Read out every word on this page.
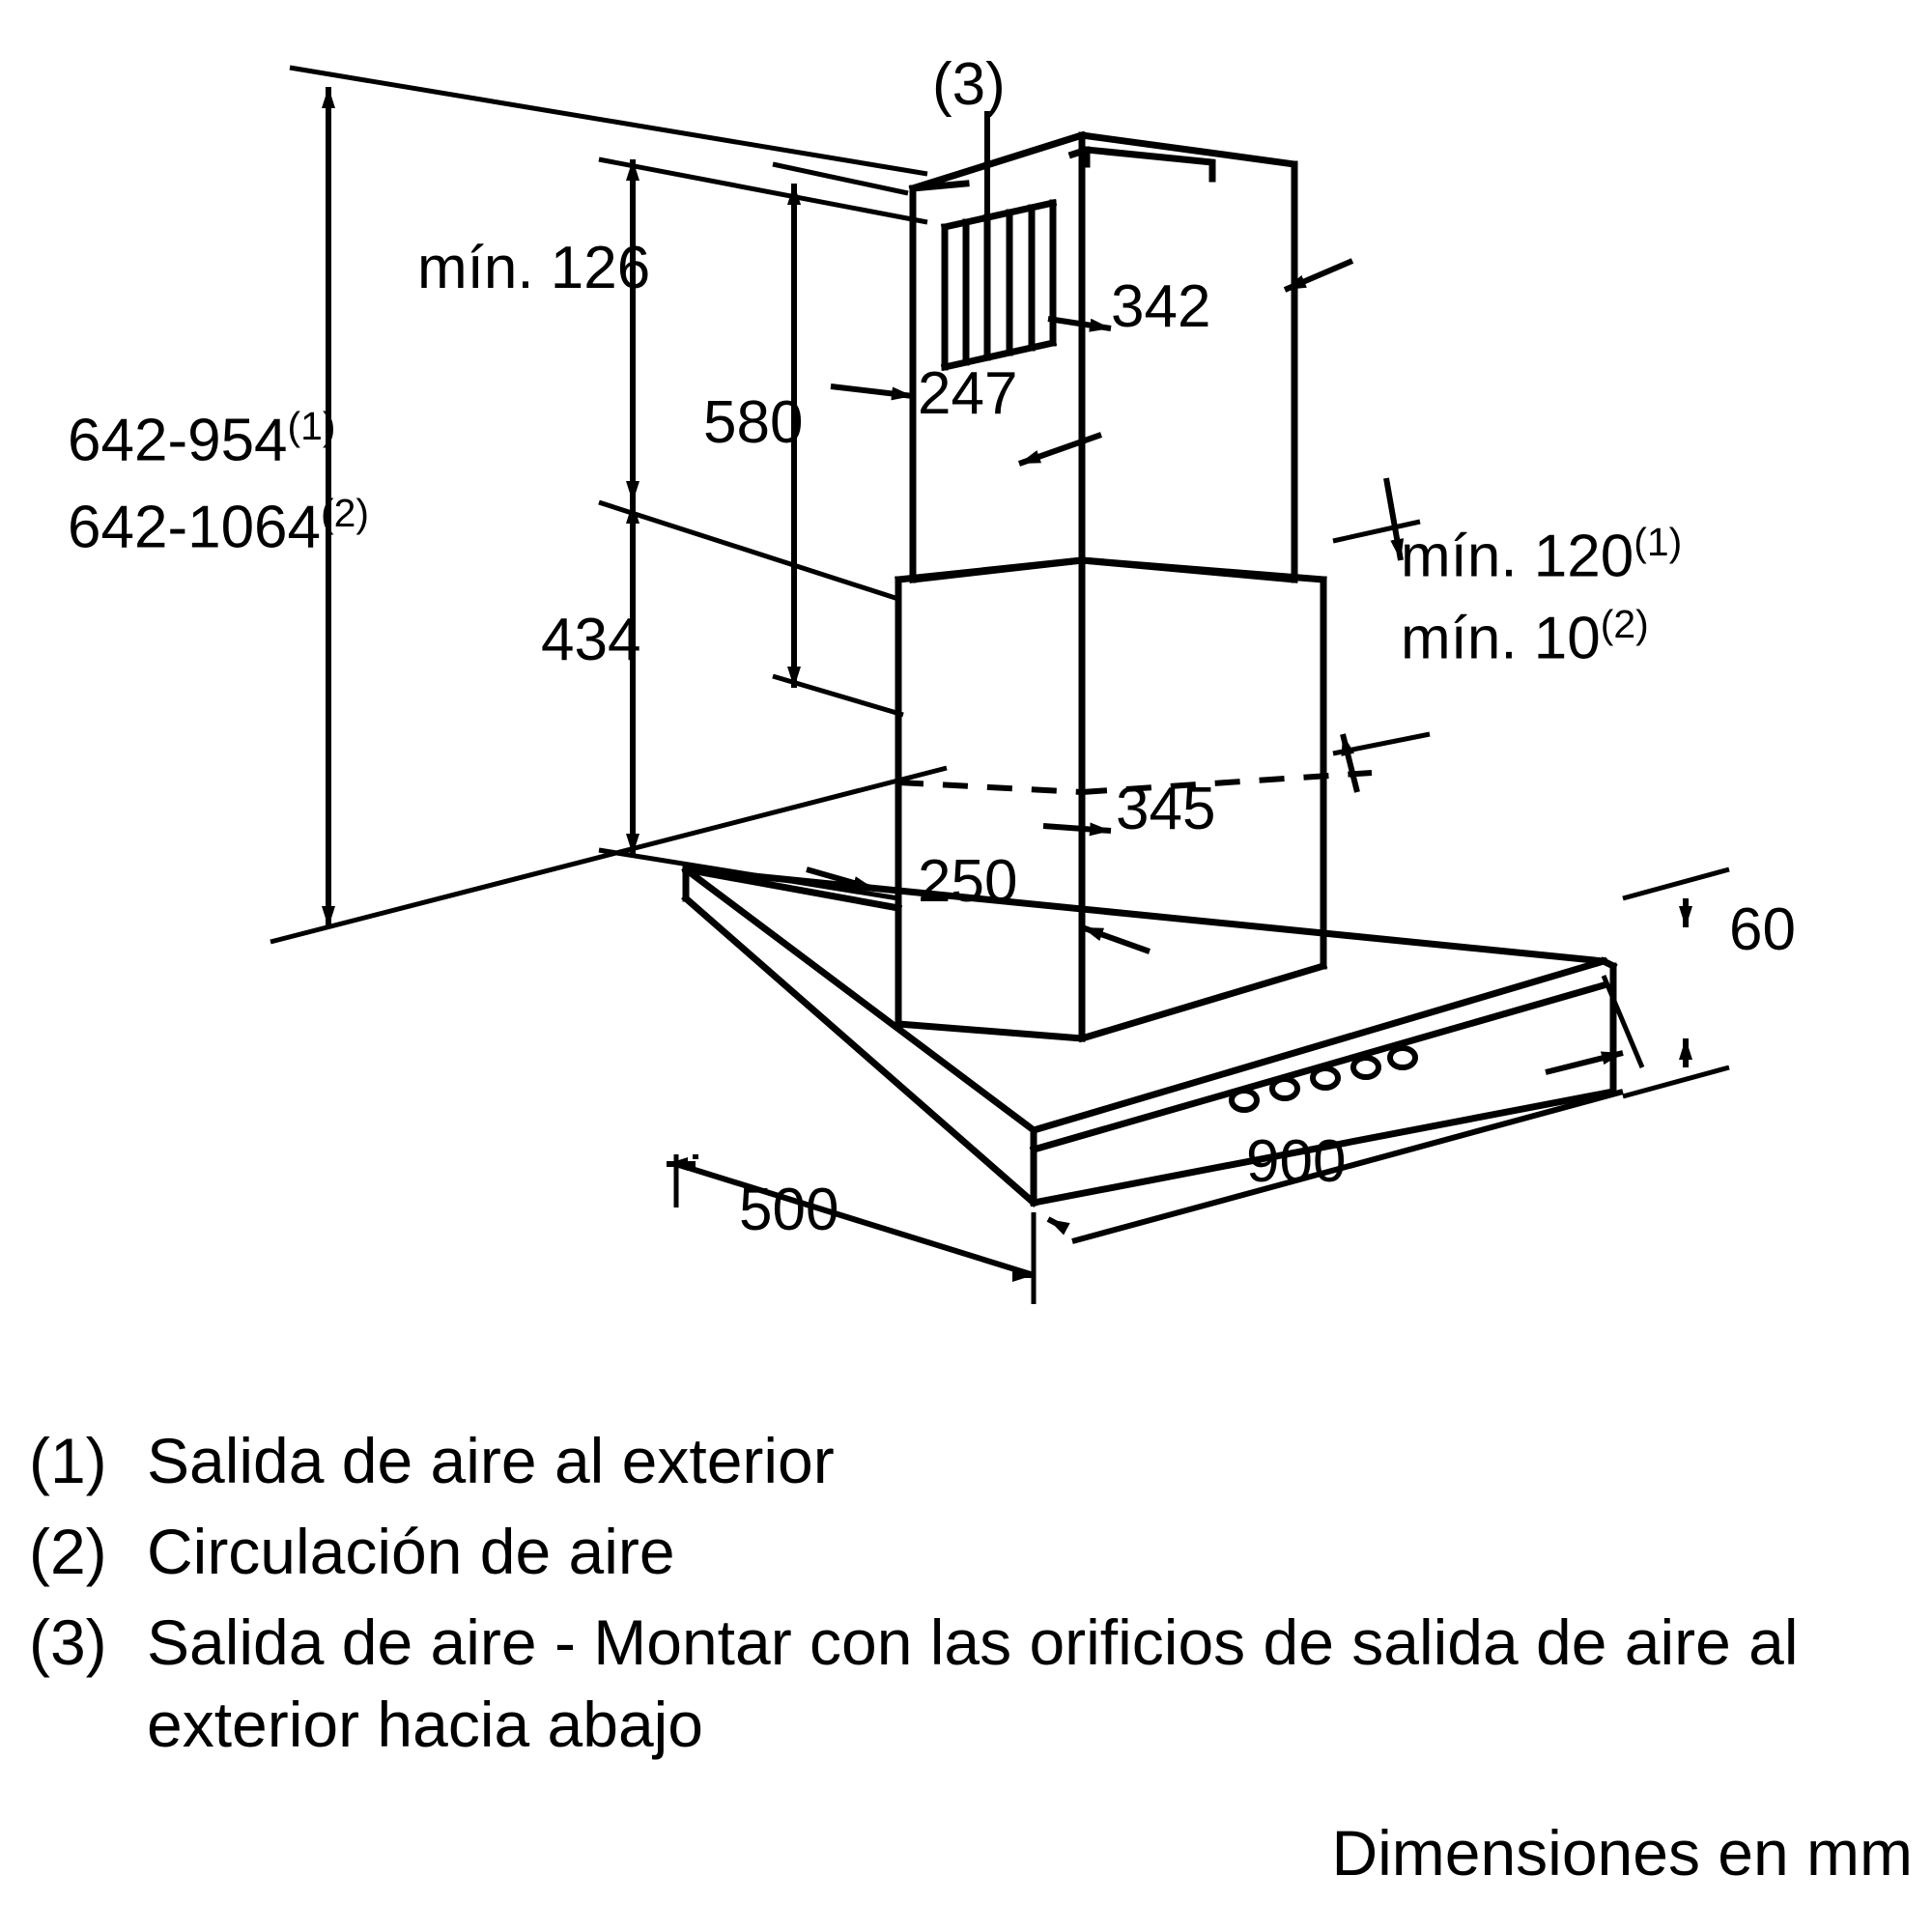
642-954$^{(1)}$
642-1064$^{(2)}$
mín. 126
580 247
342
434
mín. 120$^{(1)}$
mín. 10$^{(2)}$
345
250
60
900
500
(3)
(1) Salida de aire al exterior
(2) Circulación de aire
(3) Salida de aire - Montar con las orificios de salida de aire al exterior hacia abajo
Dimensiones en mm
